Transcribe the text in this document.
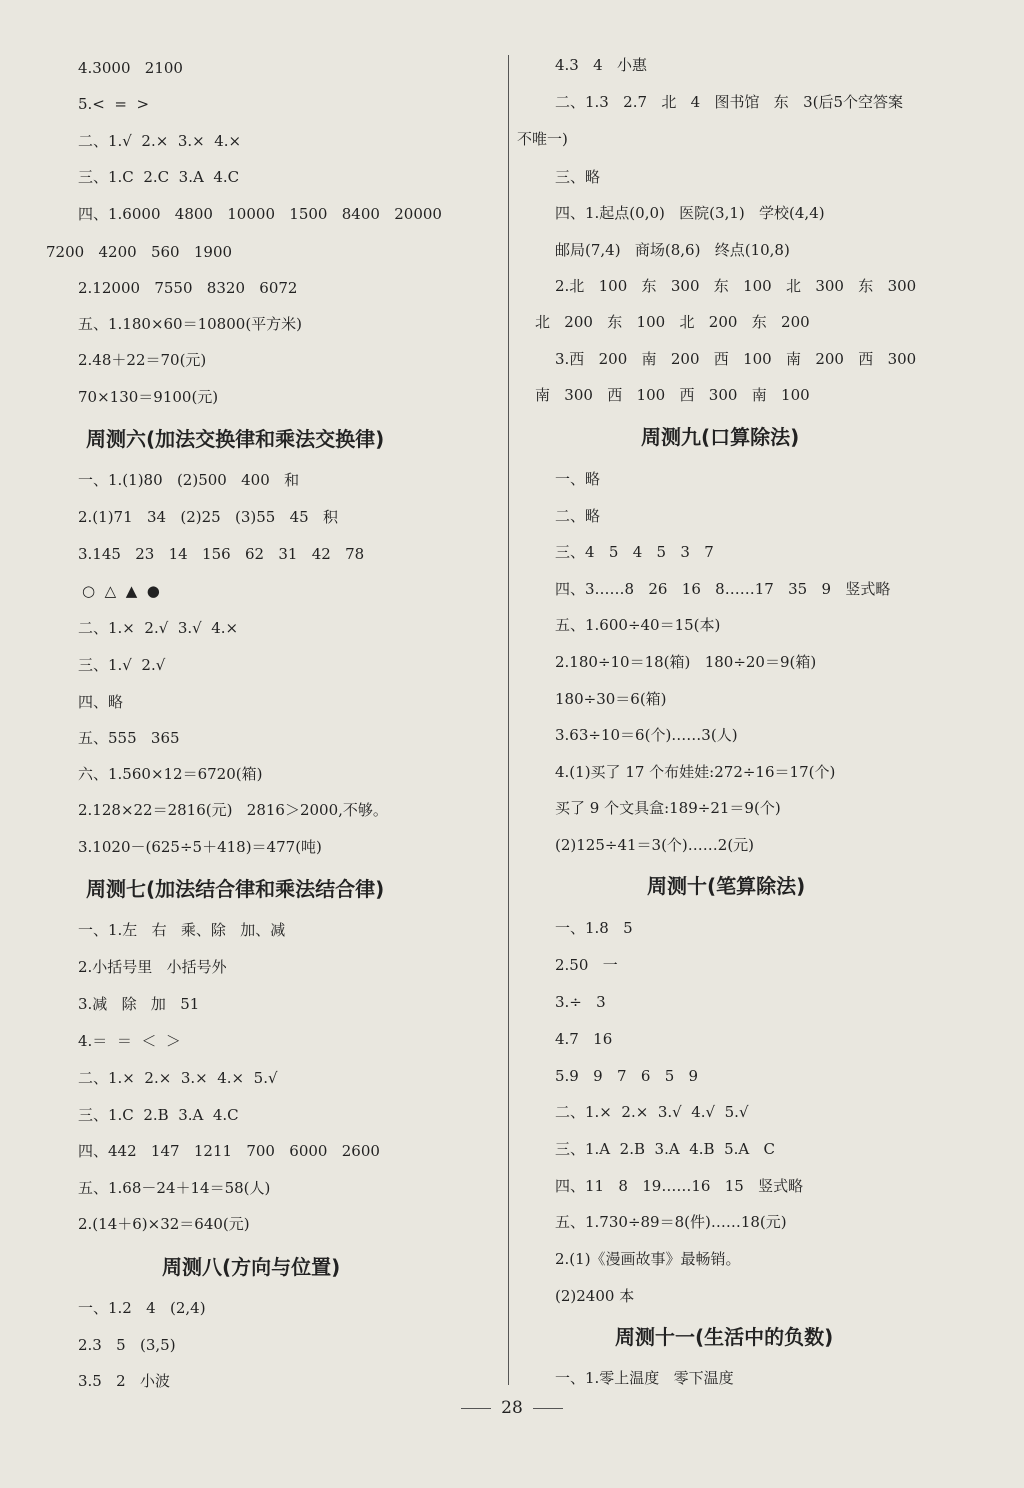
4.3000   2100
5.<  =  >
二、1.√  2.×  3.×  4.×
三、1.C  2.C  3.A  4.C
四、1.6000   4800   10000   1500   8400   20000
7200   4200   560   1900
2.12000   7550   8320   6072
五、1.180×60＝10800(平方米)
2.48＋22＝70(元)
70×130＝9100(元)
一、1.(1)80   (2)500   400   和
2.(1)71   34   (2)25   (3)55   45   积
3.145   23   14   156   62   31   42   78
○  △  ▲  ●
二、1.×  2.√  3.√  4.×
三、1.√  2.√
四、略
五、555   365
六、1.560×12＝6720(箱)
2.128×22＝2816(元)   2816＞2000,不够。
3.1020－(625÷5＋418)＝477(吨)
一、1.左   右   乘、除   加、减
2.小括号里   小括号外
3.减   除   加   51
4.＝  ＝  ＜  ＞
二、1.×  2.×  3.×  4.×  5.√
三、1.C  2.B  3.A  4.C
四、442   147   1211   700   6000   2600
五、1.68－24＋14＝58(人)
2.(14＋6)×32＝640(元)
一、1.2   4   (2,4)
2.3   5   (3,5)
3.5   2   小波
周测六(加法交换律和乘法交换律)
周测七(加法结合律和乘法结合律)
周测八(方向与位置)
4.3   4   小惠
二、1.3   2.7   北   4   图书馆   东   3(后5个空答案
不唯一)
三、略
四、1.起点(0,0)   医院(3,1)   学校(4,4)
邮局(7,4)   商场(8,6)   终点(10,8)
2.北   100   东   300   东   100   北   300   东   300
北   200   东   100   北   200   东   200
3.西   200   南   200   西   100   南   200   西   300
南   300   西   100   西   300   南   100
一、略
二、略
三、4   5   4   5   3   7
四、3……8   26   16   8……17   35   9   竖式略
五、1.600÷40＝15(本)
2.180÷10＝18(箱)   180÷20＝9(箱)
180÷30＝6(箱)
3.63÷10＝6(个)……3(人)
4.(1)买了 17 个布娃娃:272÷16＝17(个)
买了 9 个文具盒:189÷21＝9(个)
(2)125÷41＝3(个)……2(元)
一、1.8   5
2.50   一
3.÷   3
4.7   16
5.9   9   7   6   5   9
二、1.×  2.×  3.√  4.√  5.√
三、1.A  2.B  3.A  4.B  5.A   C
四、11   8   19……16   15   竖式略
五、1.730÷89＝8(件)……18(元)
2.(1)《漫画故事》最畅销。
(2)2400 本
一、1.零上温度   零下温度
周测九(口算除法)
周测十(笔算除法)
周测十一(生活中的负数)
28
